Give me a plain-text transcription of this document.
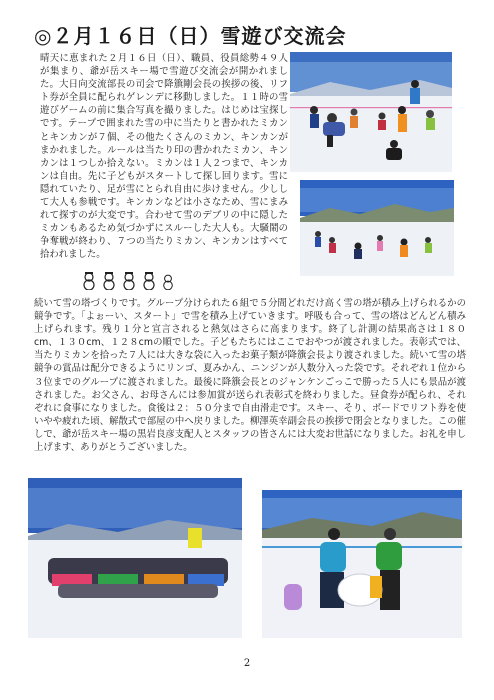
◎２月１６日（日）雪遊び交流会
晴天に恵まれた２月１６日（日）、職員、役員総勢４９人が集まり、爺が岳スキー場で雪遊び交流会が開かれました。大日向交流部長の司会で降籏剛会長の挨拶の後、リフト券が全員に配られゲレンデに移動しました。１１時の雪遊びゲームの前に集合写真を撮りました。はじめは宝探しです。テープで囲まれた雪の中に当たりと書かれたミカンとキンカンが７個、その他たくさんのミカン、キンカンがまかれました。ルールは当たり印の書かれたミカン、キンカンは１つしか拾えない。ミカンは１人２つまで、キンカンは自由。先に子どもがスタートして探し回ります。雪に隠れていたり、足が雪にとられ自由に歩けません。少しして大人も参戦です。キンカンなどは小さなため、雪にまみれて探すのが大変です。合わせて雪のデブリの中に隠したミカンもあるため気づかずにスルーした大人も。大騒鬧の争奪戦が終わり、７つの当たりミカン、キンカンはすべて拾われました。
続いて雪の塔づくりです。グループ分けられた６組で５分間どれだけ高く雪の塔が積み上げられるかの競争です。「よぉーい、スタート」で雪を積み上げていきます。呼吸も合って、雪の塔はどんどん積み上げられます。残り１分と宣言されると熱気はさらに高まります。終了し計測の結果高さは１８０cm、１３０cm、１２８cmの順でした。子どもたちにはここでおやつが渡されました。表彰式では、当たりミカンを拾った７人には大きな袋に入ったお菓子類が降籏会長より渡されました。続いて雪の塔競争の賞品は配分できるようにリンゴ、夏みかん、ニンジンが人数分入った袋です。それぞれ１位から３位までのグループに渡されました。最後に降籏会長とのジャンケンごっこで勝った５人にも景品が渡されました。お父さん、お母さんには参加賞が送られ表彰式を終わりました。昼食券が配られ、それぞれに食事になりました。食後は２：５０分まで自由滑走です。スキー、そり、ボードでリフト券を使いやや疲れた頃、解散式で部屋の中へ戻りました。柳澤英幸副会長の挨拶で閉会となりました。この催しで、爺が岳スキー場の黒岩良彦支配人とスタッフの皆さんには大変お世話になりました。お礼を申し上げます、ありがとうございました。
2
